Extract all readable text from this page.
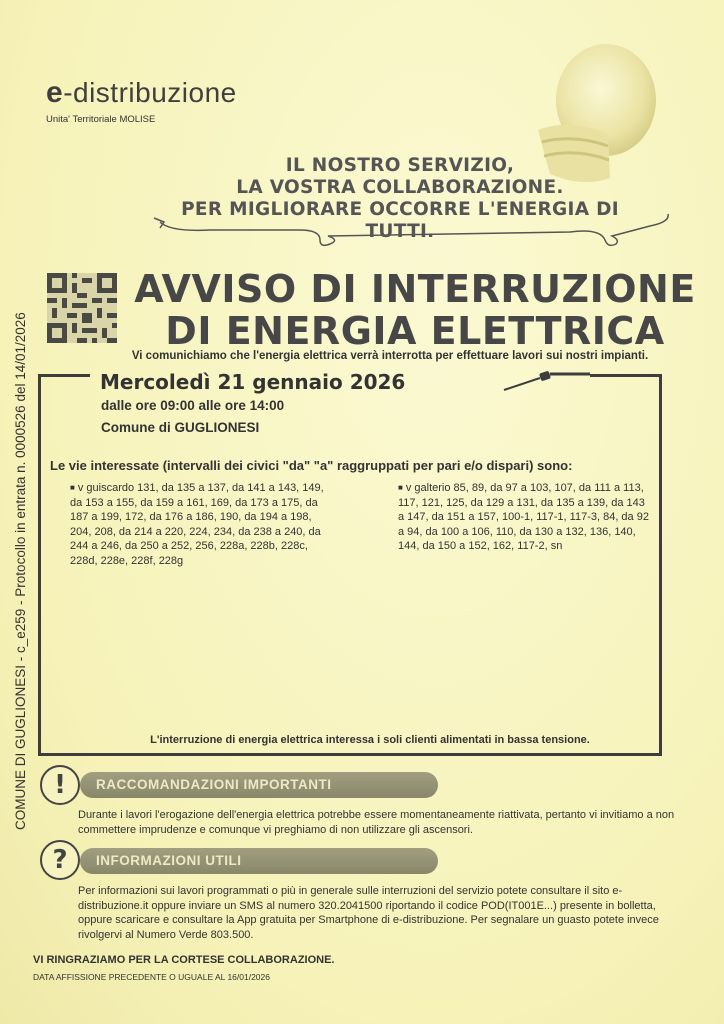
COMUNE DI GUGLIONESI - c_e259 - Protocollo in entrata n. 0000526 del 14/01/2026
e -distribuzione
Unita' Territoriale MOLISE
IL NOSTRO SERVIZIO,
LA VOSTRA COLLABORAZIONE.
PER MIGLIORARE OCCORRE L'ENERGIA DI TUTTI.
AVVISO DI INTERRUZIONE
DI ENERGIA ELETTRICA
Vi comunichiamo che l'energia elettrica verrà interrotta per effettuare lavori sui nostri impianti.
Mercoledì 21 gennaio 2026
dalle ore 09:00 alle ore 14:00
Comune di GUGLIONESI
Le vie interessate (intervalli dei civici "da" "a" raggruppati per pari e/o dispari) sono:
■ v guiscardo 131, da 135 a 137, da 141 a 143, 149, da 153 a 155, da 159 a 161, 169, da 173 a 175, da 187 a 199, 172, da 176 a 186, 190, da 194 a 198, 204, 208, da 214 a 220, 224, 234, da 238 a 240, da 244 a 246, da 250 a 252, 256, 228a, 228b, 228c, 228d, 228e, 228f, 228g
■ v galterio 85, 89, da 97 a 103, 107, da 111 a 113, 117, 121, 125, da 129 a 131, da 135 a 139, da 143 a 147, da 151 a 157, 100-1, 117-1, 117-3, 84, da 92 a 94, da 100 a 106, 110, da 130 a 132, 136, 140, 144, da 150 a 152, 162, 117-2, sn
L'interruzione di energia elettrica interessa i soli clienti alimentati in bassa tensione.
!	RACCOMANDAZIONI IMPORTANTI
Durante i lavori l'erogazione dell'energia elettrica potrebbe essere momentaneamente riattivata, pertanto vi invitiamo a non commettere imprudenze e comunque vi preghiamo di non utilizzare gli ascensori.
?	INFORMAZIONI UTILI
Per informazioni sui lavori programmati o più in generale sulle interruzioni del servizio potete consultare il sito e-distribuzione.it oppure inviare un SMS al numero 320.2041500 riportando il codice POD(IT001E...) presente in bolletta, oppure scaricare e consultare la App gratuita per Smartphone di e-distribuzione. Per segnalare un guasto potete invece rivolgervi al Numero Verde 803.500.
VI RINGRAZIAMO PER LA CORTESE COLLABORAZIONE.
DATA AFFISSIONE PRECEDENTE O UGUALE AL 16/01/2026
